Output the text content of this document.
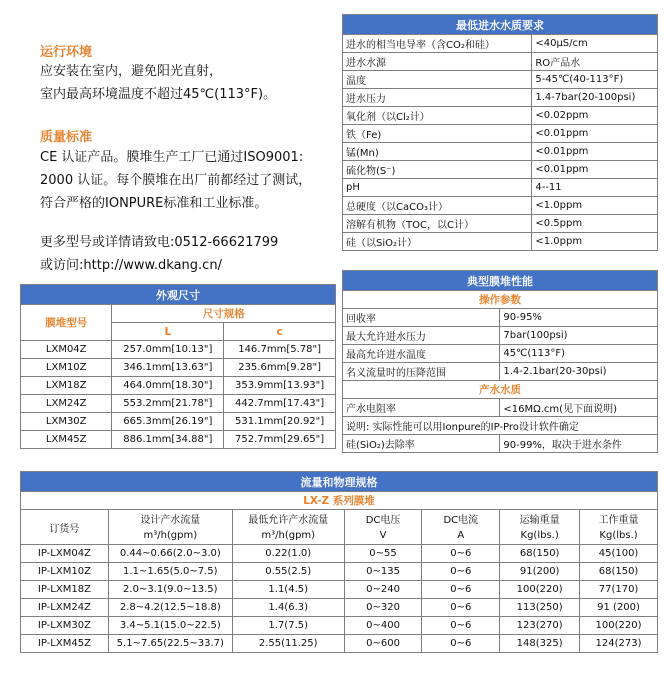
运行环境
应安装在室内，避免阳光直射，
室内最高环境温度不超过45℃(113°F)。
质量标准
CE 认证产品。膜堆生产工厂已通过ISO9001:
2000 认证。每个膜堆在出厂前都经过了测试，
符合严格的IONPURE标准和工业标准。
更多型号或详情请致电:0512-66621799
或访问:http://www.dkang.cn/
最低进水水质要求	
进水的相当电导率（含CO₂和硅）	<40µS/cm
进水水源	RO产品水
温度	5-45℃(40-113°F)
进水压力	1.4-7bar(20-100psi)
氧化剂（以Cl₂计）	<0.02ppm
铁（Fe)	<0.01ppm
锰(Mn)	<0.01ppm
硫化物(S⁻)	<0.01ppm
pH	4--11
总硬度（以CaCO₃计）	<1.0ppm
溶解有机物（TOC，以C计）	<0.5ppm
硅（以SiO₂计）	<1.0ppm
典型膜堆性能	
操作参数	
回收率	90-95%
最大允许进水压力	7bar(100psi)
最高允许进水温度	45℃(113°F)
名义流量时的压降范围	1.4-2.1bar(20-30psi)
产水水质	
产水电阻率	<16MΩ.cm(见下面说明)
说明: 实际性能可以用Ionpure的IP-Pro设计软件确定	
硅(SiO₂)去除率	90-99%，取决于进水条件
外观尺寸		
膜堆型号	尺寸规格	
	L	c
LXM04Z	257.0mm[10.13"]	146.7mm[5.78"]
LXM10Z	346.1mm[13.63"]	235.6mm[9.28"]
LXM18Z	464.0mm[18.30"]	353.9mm[13.93"]
LXM24Z	553.2mm[21.78"]	442.7mm[17.43"]
LXM30Z	665.3mm[26.19"]	531.1mm[20.92"]
LXM45Z	886.1mm[34.88"]	752.7mm[29.65"]
流量和物理规格						
LX-Z 系列膜堆						
订货号	设计产水流量	最低允许产水流量	DC电压	DC电流	运输重量	工作重量
	m³/h(gpm)	m³/h(gpm)	V	A	Kg(lbs.)	Kg(lbs.)
IP-LXM04Z	0.44~0.66(2.0~3.0)	0.22(1.0)	0~55	0~6	68(150)	45(100)
IP-LXM10Z	1.1~1.65(5.0~7.5)	0.55(2.5)	0~135	0~6	91(200)	68(150)
IP-LXM18Z	2.0~3.1(9.0~13.5)	1.1(4.5)	0~240	0~6	100(220)	77(170)
IP-LXM24Z	2.8~4.2(12.5~18.8)	1.4(6.3)	0~320	0~6	113(250)	91 (200)
IP-LXM30Z	3.4~5.1(15.0~22.5)	1.7(7.5)	0~400	0~6	123(270)	100(220)
IP-LXM45Z	5.1~7.65(22.5~33.7)	2.55(11.25)	0~600	0~6	148(325)	124(273)
